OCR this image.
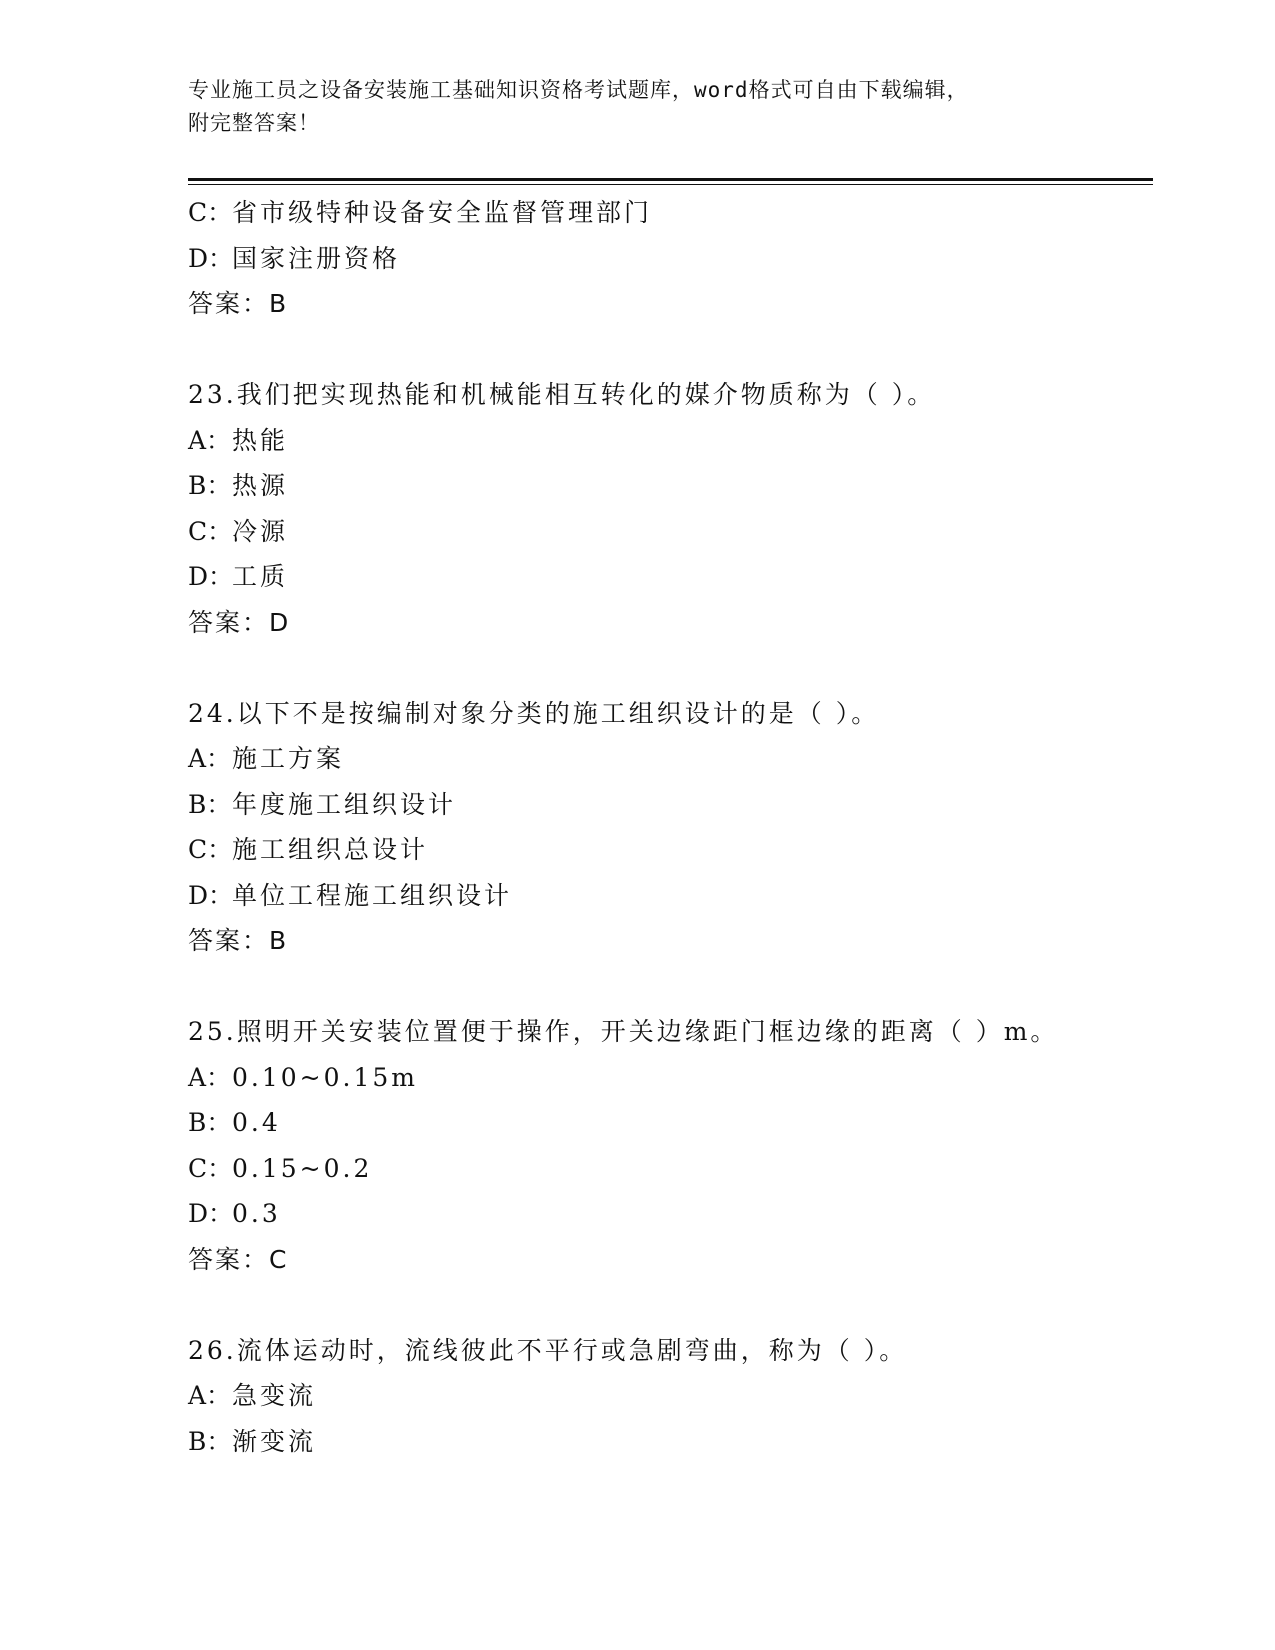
专业施工员之设备安装施工基础知识资格考试题库，word格式可自由下载编辑，
附完整答案！
C：省市级特种设备安全监督管理部门
D：国家注册资格
答案：B
23.我们把实现热能和机械能相互转化的媒介物质称为（ ）。
A：热能
B：热源
C：冷源
D：工质
答案：D
24.以下不是按编制对象分类的施工组织设计的是（ ）。
A：施工方案
B：年度施工组织设计
C：施工组织总设计
D：单位工程施工组织设计
答案：B
25.照明开关安装位置便于操作，开关边缘距门框边缘的距离（ ）m。
A：0.10~0.15m
B：0.4
C：0.15~0.2
D：0.3
答案：C
26.流体运动时，流线彼此不平行或急剧弯曲，称为（ ）。
A：急变流
B：渐变流
